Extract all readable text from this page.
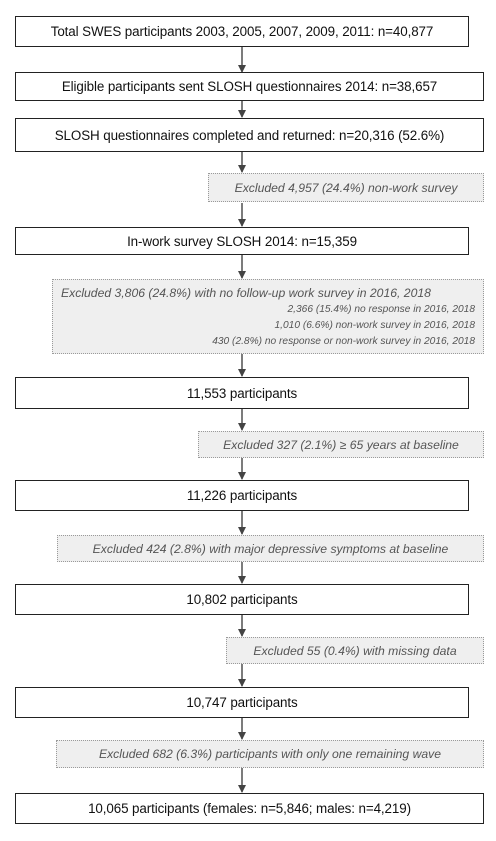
Total SWES participants 2003, 2005, 2007, 2009, 2011: n=40,877
Eligible participants sent SLOSH questionnaires 2014: n=38,657
SLOSH questionnaires completed and returned: n=20,316 (52.6%)
Excluded 4,957 (24.4%) non-work survey
In-work survey SLOSH 2014: n=15,359
Excluded 3,806 (24.8%) with no follow-up work survey in 2016, 2018
2,366 (15.4%) no response in 2016, 2018
1,010 (6.6%) non-work survey in 2016, 2018
430 (2.8%) no response or non-work survey in 2016, 2018
11,553 participants
Excluded 327 (2.1%) ≥ 65 years at baseline
11,226 participants
Excluded 424 (2.8%) with major depressive symptoms at baseline
10,802 participants
Excluded 55 (0.4%) with missing data
10,747 participants
Excluded 682 (6.3%) participants with only one remaining wave
10,065 participants (females: n=5,846; males: n=4,219)
